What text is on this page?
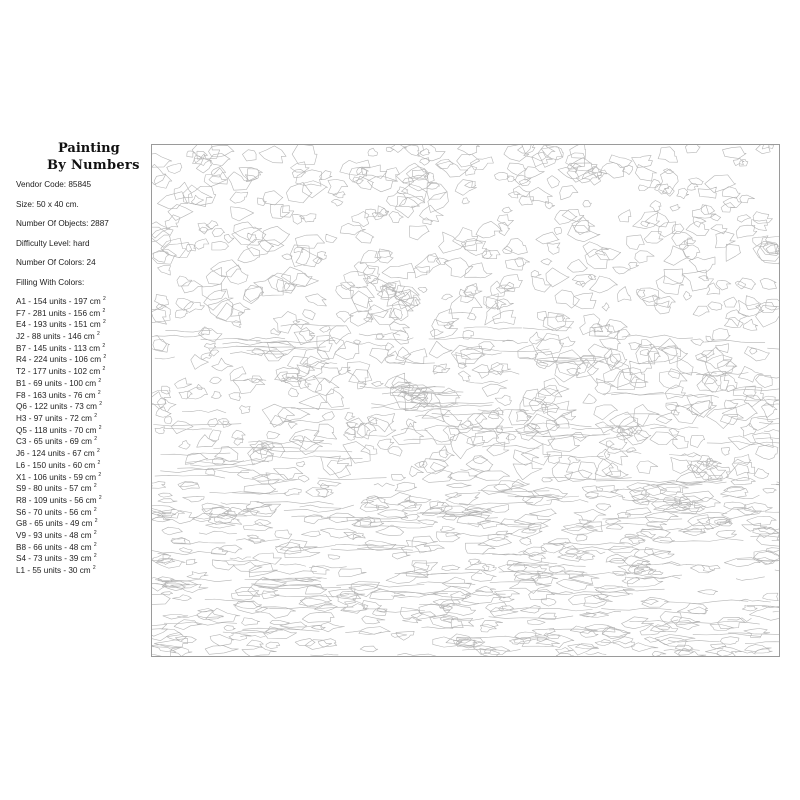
Painting
By Numbers
Vendor Code: 85845
Size: 50 x 40 cm.
Number Of Objects: 2887
Difficulty Level: hard
Number Of Colors: 24
Filling With Colors:
A1 - 154 units - 197 cm $^2$
F7 - 281 units - 156 cm $^2$
E4 - 193 units - 151 cm $^2$
J2 - 88 units - 146 cm $^2$
B7 - 145 units - 113 cm $^2$
R4 - 224 units - 106 cm $^2$
T2 - 177 units - 102 cm $^2$
B1 - 69 units - 100 cm $^2$
F8 - 163 units - 76 cm $^2$
Q6 - 122 units - 73 cm $^2$
H3 - 97 units - 72 cm $^2$
Q5 - 118 units - 70 cm $^2$
C3 - 65 units - 69 cm $^2$
J6 - 124 units - 67 cm $^2$
L6 - 150 units - 60 cm $^2$
X1 - 106 units - 59 cm $^2$
S9 - 80 units - 57 cm $^2$
R8 - 109 units - 56 cm $^2$
S6 - 70 units - 56 cm $^2$
G8 - 65 units - 49 cm $^2$
V9 - 93 units - 48 cm $^2$
B8 - 66 units - 48 cm $^2$
S4 - 73 units - 39 cm $^2$
L1 - 55 units - 30 cm $^2$
